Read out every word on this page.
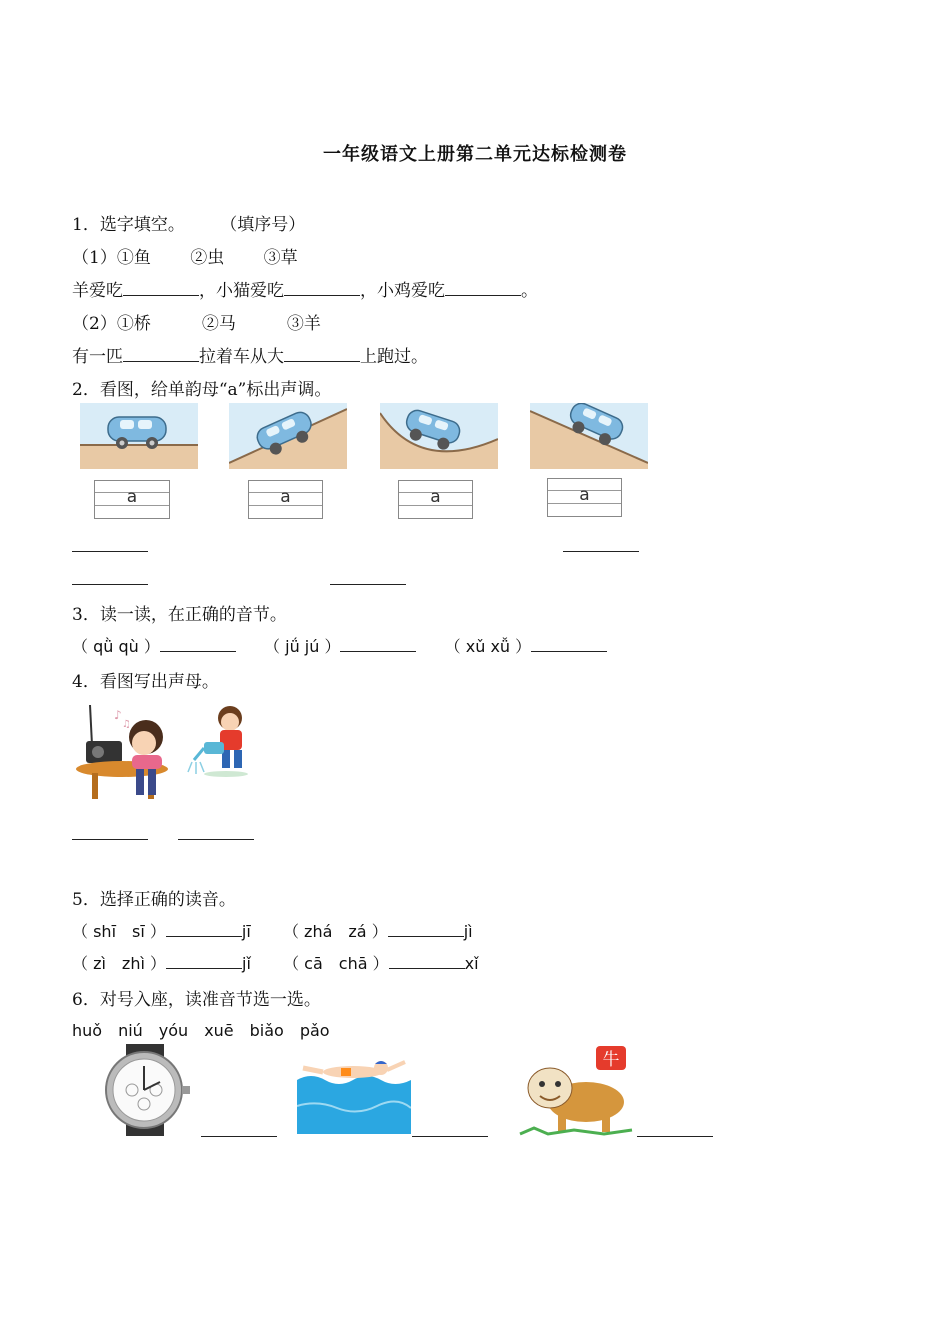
一年级语文上册第二单元达标检测卷
1．选字填空。 （填序号）
（1）①鱼　　 ②虫　　 ③草
羊爱吃	，小猫爱吃	，小鸡爱吃	。
（2）①桥　　　②马　　　③羊
有一匹	拉着车从大	上跑过。
2．看图，给单韵母“a”标出声调。
a	a	a	a
3．读一读，在正确的音节。
（ qǜ qù ）	（ jǘ jú ）	（ xǔ xǚ ）
4．看图写出声母。
♪
♫
5．选择正确的读音。
（ shī　sī ）	jī （ zhá　zá ）	jì
（ zì　zhì ）	jǐ （ cā　chā ）	xǐ
6．对号入座，读准音节选一选。
huǒ　niú　yóu　xuē　biǎo　pǎo
牛
